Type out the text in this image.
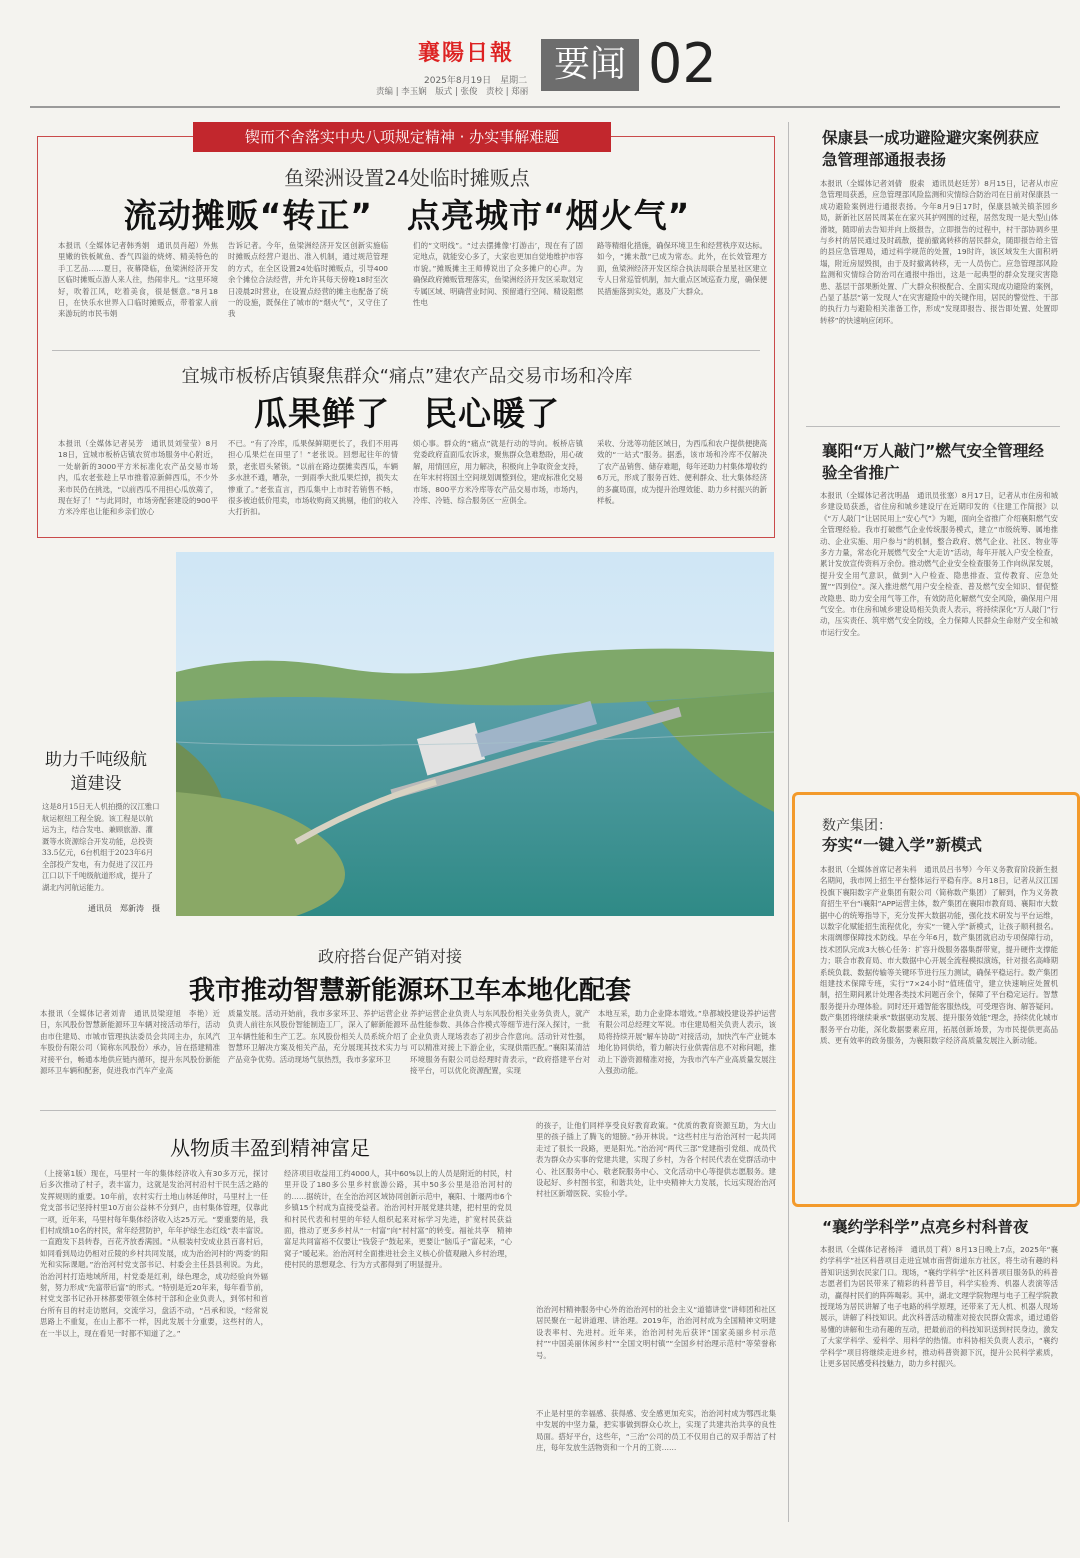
襄陽日報
2025年8月19日　星期二
责编 | 李玉娴　版式 | 张俊　责校 | 郑丽
要闻 02
锲而不舍落实中央八项规定精神 · 办实事解难题
鱼梁洲设置24处临时摊贩点
流动摊贩“转正”　点亮城市“烟火气”
本报讯（全媒体记者韩秀娟　通讯员肖超）外焦里嫩的铁板鱿鱼、香气四溢的烧烤、精美特色的手工艺品……夏日，夜幕降临，鱼梁洲经济开发区临时摊贩点游人来人往，热闹非凡。“这里环境好，吹着江风，吃着美食，很是惬意。”8月18日，在快乐水世界入口临时摊贩点，带着家人前来游玩的市民韦娟
告诉记者。今年，鱼梁洲经济开发区创新实施临时摊贩点经营户退出、准入机制，通过规范管理的方式，在全区设置24处临时摊贩点，引导400余个摊位合法经营，并允许其每天傍晚18时至次日凌晨2时营业，在设置点经营的摊主也配备了统一的设施，既保住了城市的“烟火气”，又守住了我
们的“文明线”。“过去摆摊像‘打游击’，现在有了固定地点，就能安心多了，大家也更加自觉地维护市容市貌。”摊贩摊主王师傅说出了众多摊户的心声。为确保政府摊贩管理落实，鱼梁洲经济开发区采取划定专属区域、明确营业时间、预留通行空间、精设阻燃性电
路等精细化措施，确保环境卫生和经营秩序双达标。如今，“摊未散”已成为常态。此外，在长效管理方面，鱼梁洲经济开发区综合执法局联合星星社区建立专人日常巡管机制，加大重点区域巡查力度，确保便民措施落到实处，惠及广大群众。
宜城市板桥店镇聚焦群众“痛点”建农产品交易市场和冷库
瓜果鲜了　民心暖了
本报讯（全媒体记者吴芳　通讯员刘莹莹）8月18日，宜城市板桥店镇农贸市场服务中心附近，一处崭新的3000平方米标准化农产品交易市场内，瓜农老张趁上早市推着凉新鲜西瓜，不少外来市民仍在挑选，“以前西瓜不用担心瓜放蔫了，现在好了！”与此同时，市场旁配套建设的900平方米冷库也让能和乡亲们放心
不已。“有了冷库，瓜果保鲜期更长了，我们不用再担心瓜果烂在田里了！”老张说。回想起往年的情景，老张眉头紧锁。“以前在路边摆摊卖西瓜，车辆多水泄不通，嘈杂，一到雨季大批瓜果烂掉，损失太惨重了。”老张直言，西瓜集中上市时若销售不畅，很多被迫低价甩卖，市场收购商又挑剔，他们的收入大打折扣。
烦心事。群众的“痛点”就是行动的导向。板桥店镇党委政府直面瓜农诉求，聚焦群众急难愁盼，用心破解，用情回应，用力解决，积极向上争取资金支持，在年末村将国土空间规划调整到位，建成标准化交易市场、800平方米冷库等农产品交易市场，市场内，冷库、冷链、综合服务区一应俱全。
采收、分选等功能区域日，为西瓜和农户提供便捷高效的“一站式”服务。据悉，该市场和冷库不仅解决了农产品销售、储存难题，每年还助力村集体增收约6万元，形成了服务百姓、便利群众、壮大集体经济的多赢局面，成为提升治理效能、助力乡村振兴的新样板。
助力千吨级航道建设
这是8月15日无人机拍摄的汉江雅口航运枢纽工程全貌。该工程是以航运为主，结合发电、兼顾旅游、灌溉等水资源综合开发功能，总投资33.5亿元，6台机组于2023年6月全部投产发电，有力促进了汉江丹江口以下千吨级航道形成，提升了湖北内河航运能力。
通讯员　郑新涛　摄
政府搭台促产销对接
我市推动智慧新能源环卫车本地化配套
本报讯（全媒体记者刘青　通讯员梁迎旭　李艳）近日，东风股份智慧新能源环卫车辆对接活动举行，活动由市住建局、市城市管理执法委员会共同主办，东风汽车股份有限公司（简称东风股份）承办，旨在搭建精准对接平台，畅通本地供应链内循环，提升东风股份新能源环卫车辆和配套，促进我市汽车产业高
质量发展。活动开始前，我市多家环卫、养护运营企业负责人前往东风股份智能制造工厂，深入了解新能源环卫车辆性能和生产工艺。东风股份相关人员系统介绍了智慧环卫解决方案及相关产品，充分展现其技术实力与产品竞争优势。活动现场气氛热烈，我市多家环卫
养护运营企业负责人与东风股份相关业务负责人，就产品性能参数、具体合作模式等细节进行深入探讨，一批企业负责人现场表态了初步合作意向。活动针对性强，可以精准对接上下游企业，实现供需匹配。”襄阳某清洁环境服务有限公司总经理时青表示，“政府搭建平台对接平台，可以优化资源配置，实现
本地互采，助力企业降本增效。”阜都城投建设养护运营有限公司总经理文军说。市住建局相关负责人表示，该局将持续开展“解车协助”对接活动，加快汽车产业链本地化协同供给，着力解决行业供需信息不对称问题，推动上下游资源精准对接，为我市汽车产业高质量发展注入强劲动能。
从物质丰盈到精神富足
（上接第1版）现在，马里村一年的集体经济收入有30多万元，探讨后多次推动了村子，表丰富力，这就是发治河村沿村干民生活之路的发挥规则的重要。10年前，农村实行土地山林延伸时，马里村上一任党支部书记坚持村里10万亩公益林不分到户，由村集体管理，仅靠此一项，近年来，马里村每年集体经济收入达25万元。“要重要的是，我们村成绩10名的村民，常年经营防护，年年护绿生态红线”表丰富说。一直跑发下县转春，百花齐放香满园。“从根装村安成业县百喜村后，如同看到局边仍相对丘陵的乡村共同发展，成为治治河村的‘两委’的阳光和实际课题。”治治河村党支部书记、村委会主任县县利说。为此，治治河村打造地域所用，村党委是红利，绿色理念，成功经验向外辐射，努力形成“先富带后富”的形式。“特别是近20年来，每年看节前，村党支部书记孙开林都要带领全体村干部和企业负责人，到邻村和首台所有目的村走访慰问，交流学习，盘活不动，“吕承和说，“经常说思路上不重复，在山上都不一样，因此发展十分重要，这些村的人，在一半以上，现在看见一时都不知道了之。”
经济项目收益用工约4000人，其中60%以上的人员是附近的村民，村里开设了180多公里乡村旅游公路，其中50多公里是沿治河村的的……据统计，在全治治河区域协同创新示范中，襄阳、十堰两市6个乡镇15个村成为直接受益者。治治河村开展党建共建，把村里的党员和村民代表和村里的年轻人组织起来对标学习先进，扩宽村民获益面，推动了更多乡村从“一村富”向“村村富”的转变。福祉共享　精神富足共同富裕不仅要让“钱袋子”鼓起来，更要让“脑瓜子”富起来，“心窝子”暖起来。治治河村全面推进社会主义核心价值观融入乡村治理，使村民的思想观念、行为方式都得到了明显提升。
的孩子，让他们同样享受良好教育政策。“优质的教育资源互助，为大山里的孩子插上了腾飞的翅膀。”孙开林说。“这些村庄与治治河村一起共同走过了很长一段路，更是阳光。”治治河“两代三部”党建指引党组、成员代表为群众办实事的党建共建，实现了乡村，为各个村民代表在党群活动中心、社区服务中心、敬老院服务中心、文化活动中心等提供志愿服务。建设起好、乡村图书室，和谐共处，让中央精神大力发展，长远实现治治河村社区新增医院、实验小学。
治治河村精神服务中心外的治治河村的社会主义“道德讲堂”讲师团和社区居民聚在一起讲道理、讲治理。2019年，治治河村成为全国精神文明建设表率村、先进村。近年来，治治河村先后获评“国家美丽乡村示范村”“中国美丽休闲乡村”“全国文明村镇”“全国乡村治理示范村”等荣誉称号。
不止是村里的幸福感、获得感、安全感更加充实，治治河村成为鄂西北集中发展的中坚力量，把实事做到群众心坎上，实现了共建共治共享的良性局面。搭好平台，这些年，“三治”公司的员工不仅用自己的双手帮洁了村庄，每年发放生活物资和一个月的工资……
保康县一成功避险避灾案例获应急管理部通报表扬
本报讯（全媒体记者刘倩　殷索　通讯员赵廷芳）8月15日，记者从市应急管理局获悉，应急管理部风险监测和灾情综合防治司在日前对保康县一成功避险案例进行通报表扬。今年8月9日17时，保康县城关镇茶园乡局，新新社区居民周某在在家兴其护网围的过程，居然发现一是大型山体滑坡，随即前去告知并向上级报告，立即报告的过程中，村干部协调乡里与乡村的居民通过及时疏散，提前撤离转移的居民群众，随即报告给主管的县应急管理局，通过科学规范的处置，19时许，该区域发生大面积坍塌，附近房屋毁损，由于及时撤离转移，无一人员伤亡。应急管理部风险监测和灾情综合防治司在通报中指出，这是一起典型的群众发现灾害隐患、基层干部果断处置、广大群众积极配合、全面实现成功避险的案例，凸显了基层“第一发现人”在灾害避险中的关键作用，居民的警觉性、干部的执行力与避险相关准备工作，形成“发现即报告、报告即处置、处置即转移”的快速响应闭环。
襄阳“万人敲门”燃气安全管理经验全省推广
本报讯（全媒体记者沈明晶　通讯员张塞）8月17日，记者从市住房和城乡建设局获悉，省住房和城乡建设厅在近期印发的《住建工作简报》以《“万人敲门”让居民用上“安心气”》为题，面向全省推广介绍襄阳燃气安全管理经验。我市打破燃气企业传统服务模式，建立“市级统筹、属地推动、企业实施、用户参与”的机制，整合政府、燃气企业、社区、物业等多方力量，常态化开展燃气安全“大走访”活动，每年开展入户安全检查，累计发放宣传资料万余份。推动燃气企业安全检查服务工作向纵深发展，提升安全用气意识，做到“入户检查、隐患排查、宣传教育、应急处置”“四到位”。深入推进燃气用户安全检查、普及燃气安全知识、督促整改隐患、助力安全用气等工作，有效防范化解燃气安全风险，确保用户用气安全。市住房和城乡建设局相关负责人表示，将持续深化“万人敲门”行动，压实责任、筑牢燃气安全防线，全力保障人民群众生命财产安全和城市运行安全。
数产集团：
夯实“一键入学”新模式
本报讯（全媒体首席记者朱科　通讯员吕书琴）今年义务教育阶段新生报名期间，我市网上招生平台整体运行平稳有序。8月18日，记者从汉江国投旗下襄阳数字产业集团有限公司（简称数产集团）了解到，作为义务教育招生平台“i襄阳”APP运营主体，数产集团在襄阳市教育局、襄阳市大数据中心的统筹指导下，充分发挥大数据功能，强化技术研发与平台运维，以数字化赋能招生流程优化，夯实“一键入学”新模式，让孩子顺利报名。未雨绸缪保障技术防线。早在今年6月，数产集团就启动专项保障行动，技术团队完成3大核心任务：扩容升级服务器集群带宽，提升硬件支撑能力；联合市教育局、市大数据中心开展全流程模拟演练，针对报名高峰期系统负载、数据传输等关键环节进行压力测试，确保平稳运行。数产集团组建技术保障专班，实行“7×24小时”值班值守，建立快速响应处置机制，招生期间累计处理各类技术问题百余个，保障了平台稳定运行。智慧服务提升办理体验。同时还开通智能客服热线，可受理咨询、解答疑问。数产集团将继续秉承“数据驱动发展、提升服务效能”理念，持续优化城市服务平台功能，深化数据要素应用，拓展创新场景，为市民提供更高品质、更有效率的政务服务，为襄阳数字经济高质量发展注入新动能。
“襄约学科学”点亮乡村科普夜
本报讯（全媒体记者杨洋　通讯员丁莉）8月13日晚上7点，2025年“襄约学科学”社区科普项目走进宜城市南营街道东方社区，将生动有趣的科普知识送到农民家门口。现场，“襄约学科学”社区科普项目服务队的科普志愿者们为居民带来了精彩的科普节目，科学实验秀、机器人表演等活动，赢得村民们的阵阵喝彩。其中，湖北文理学院物理与电子工程学院教授现场为居民讲解了电子电路的科学原理，还带来了无人机、机器人现场展示，讲解了科技知识。此次科普活动精准对接农民群众需求，通过通俗易懂的讲解和生动有趣的互动，把最前沿的科技知识送到村民身边，激发了大家学科学、爱科学、用科学的热情。市科协相关负责人表示，“襄约学科学”项目将继续走进乡村，推动科普资源下沉，提升公民科学素质，让更多居民感受科技魅力，助力乡村振兴。
